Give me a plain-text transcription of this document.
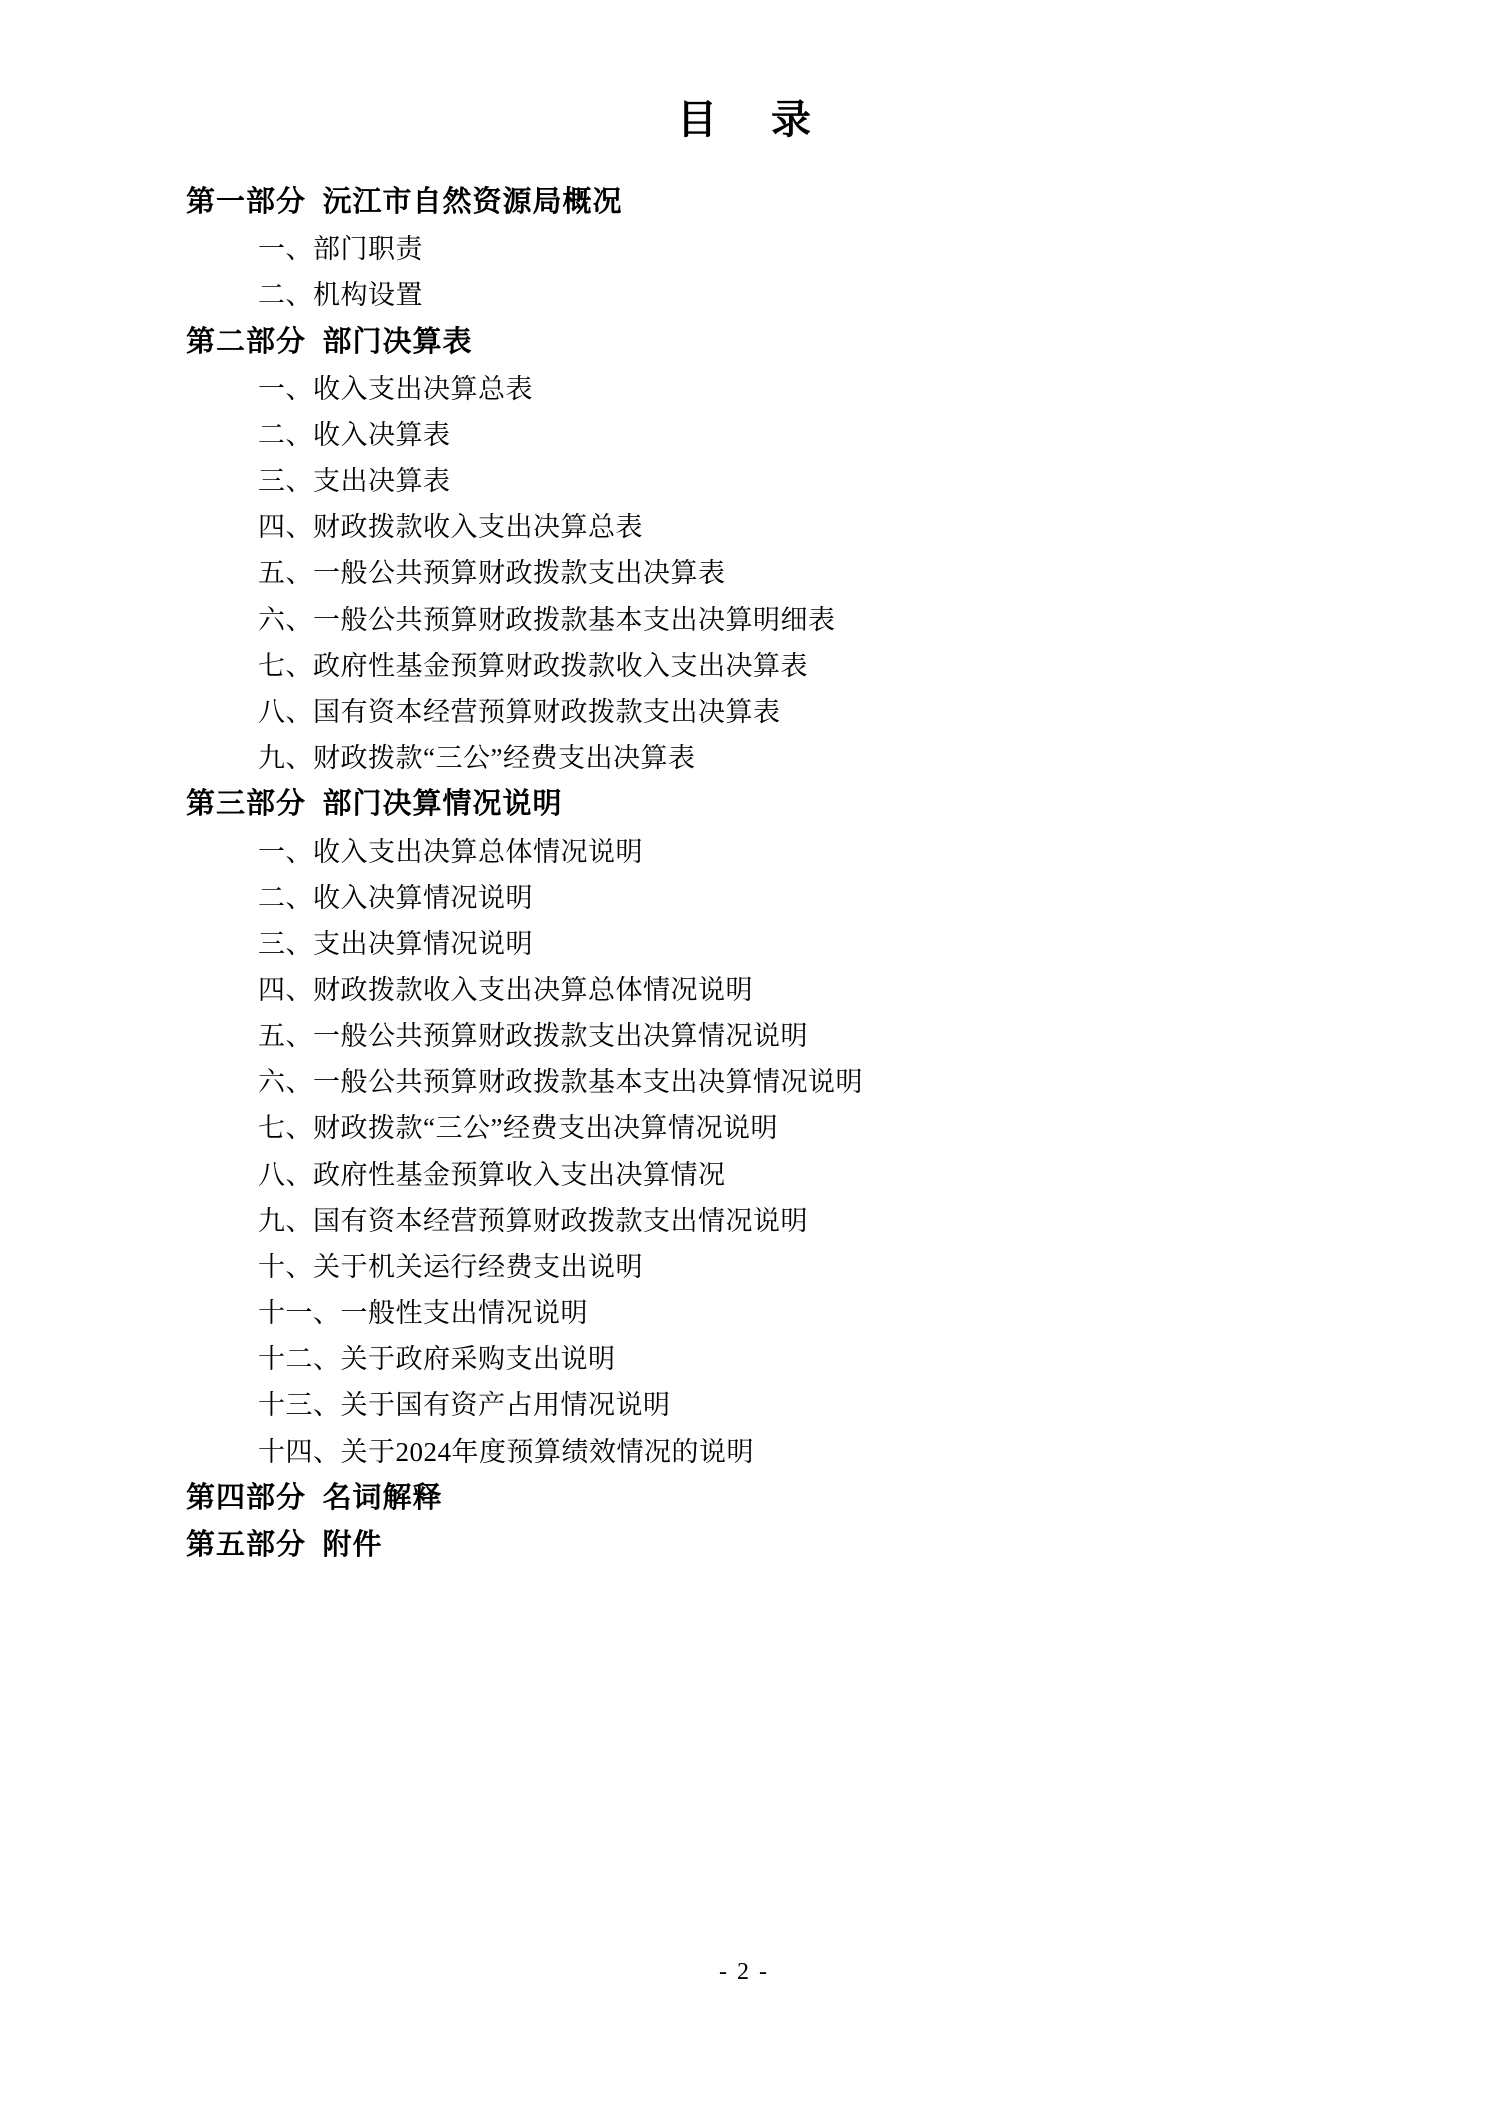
目 录
第一部分  沅江市自然资源局概况
一、部门职责
二、机构设置
第二部分  部门决算表
一、收入支出决算总表
二、收入决算表
三、支出决算表
四、财政拨款收入支出决算总表
五、一般公共预算财政拨款支出决算表
六、一般公共预算财政拨款基本支出决算明细表
七、政府性基金预算财政拨款收入支出决算表
八、国有资本经营预算财政拨款支出决算表
九、财政拨款“三公”经费支出决算表
第三部分  部门决算情况说明
一、收入支出决算总体情况说明
二、收入决算情况说明
三、支出决算情况说明
四、财政拨款收入支出决算总体情况说明
五、一般公共预算财政拨款支出决算情况说明
六、一般公共预算财政拨款基本支出决算情况说明
七、财政拨款“三公”经费支出决算情况说明
八、政府性基金预算收入支出决算情况
九、国有资本经营预算财政拨款支出情况说明
十、关于机关运行经费支出说明
十一、一般性支出情况说明
十二、关于政府采购支出说明
十三、关于国有资产占用情况说明
十四、关于2024年度预算绩效情况的说明
第四部分  名词解释
第五部分  附件
- 2 -
